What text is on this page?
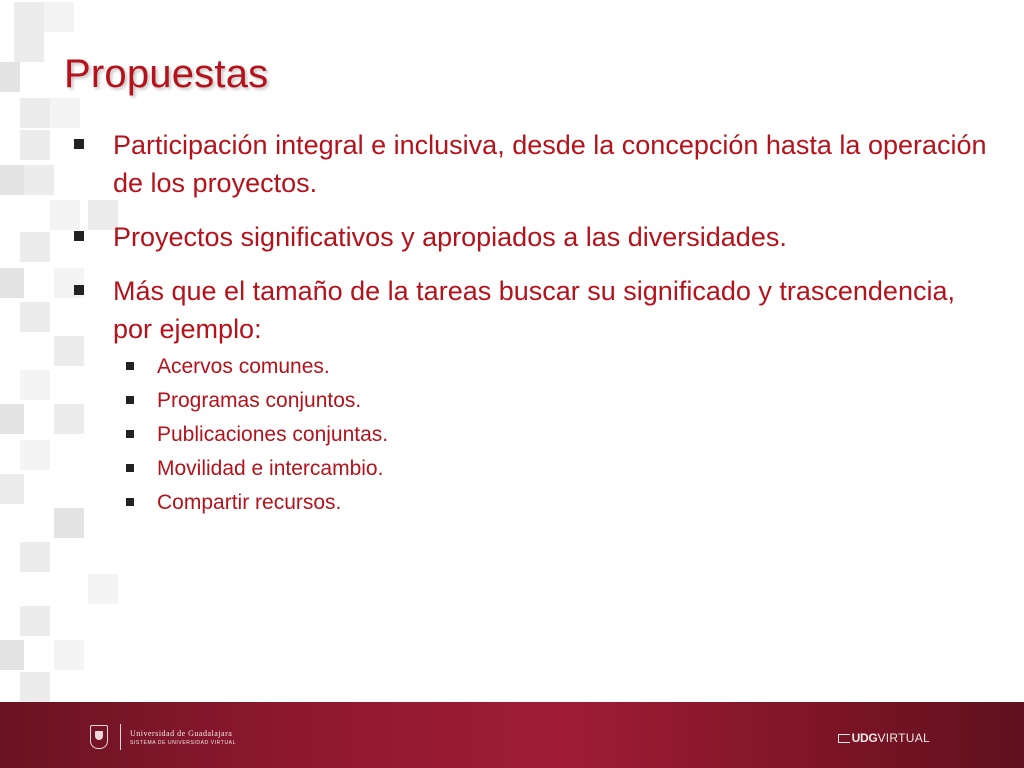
Propuestas
Participación integral e inclusiva, desde la concepción hasta la operación de los proyectos.
Proyectos significativos y apropiados a las diversidades.
Más que el tamaño de la tareas buscar su significado y trascendencia, por ejemplo:
Acervos comunes.
Programas conjuntos.
Publicaciones conjuntas.
Movilidad e intercambio.
Compartir recursos.
Universidad de Guadalajara
SISTEMA DE UNIVERSIDAD VIRTUAL	UDG VIRTUAL
